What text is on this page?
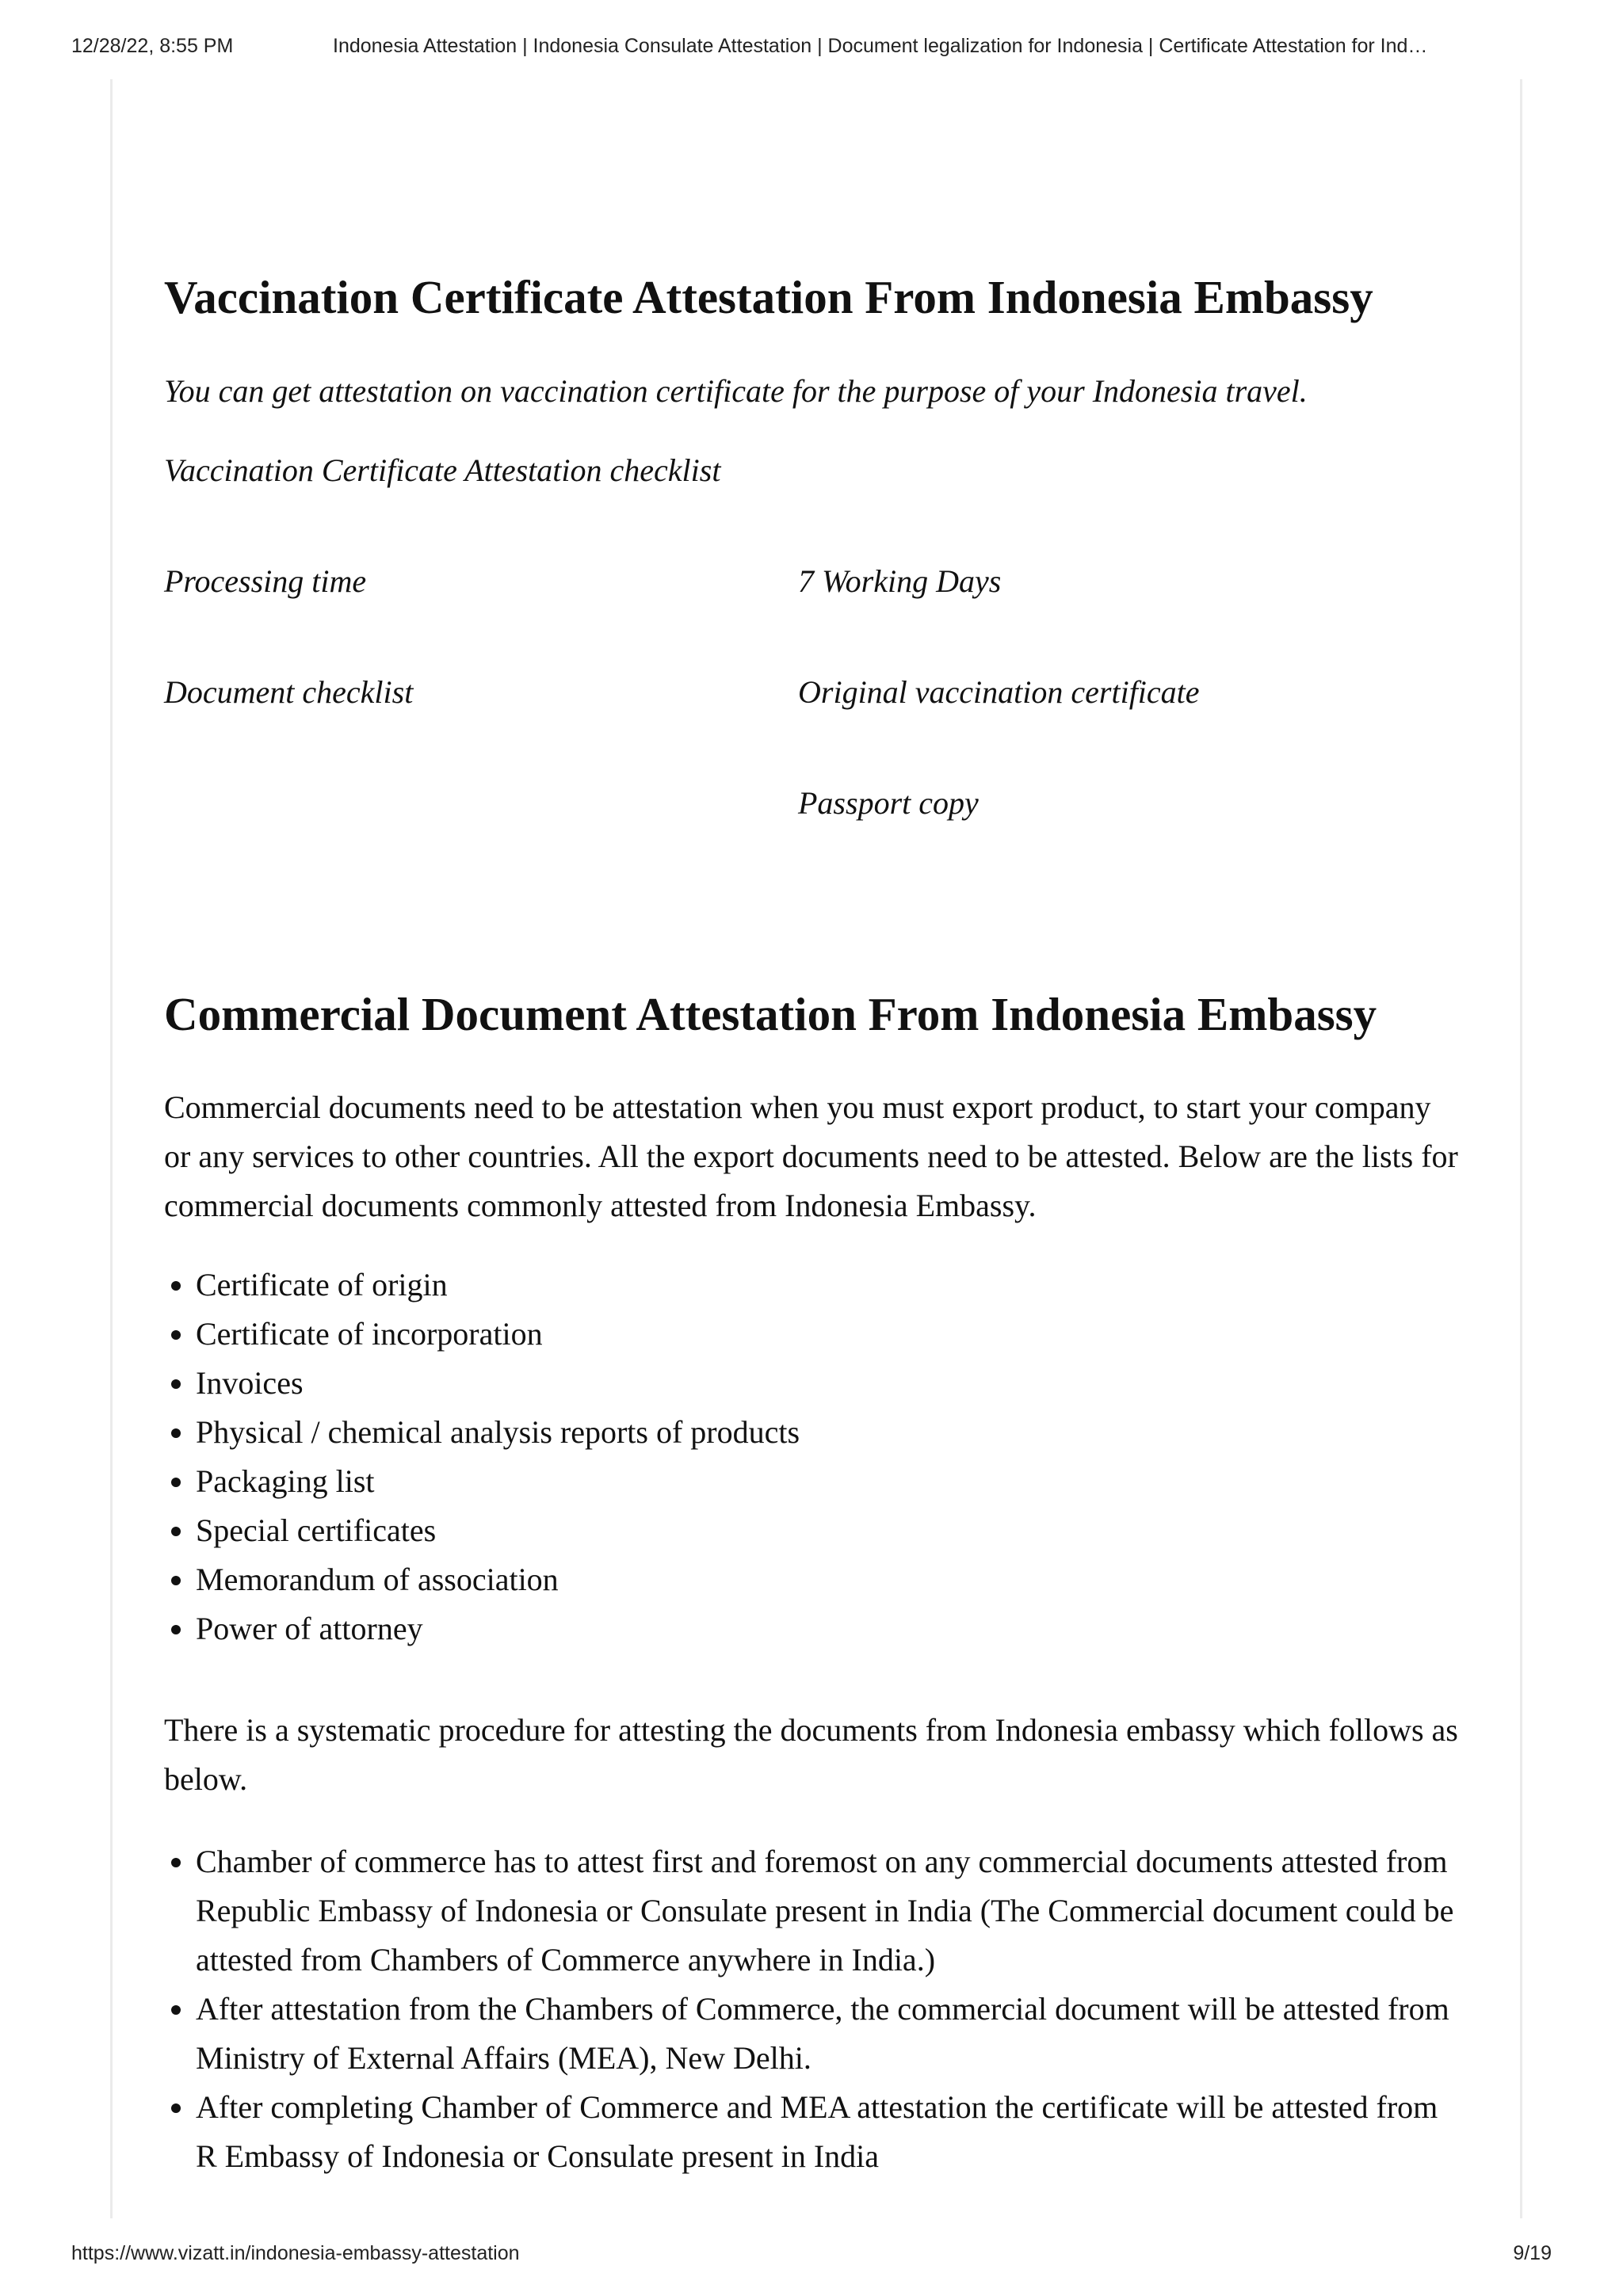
12/28/22, 8:55 PM	Indonesia Attestation | Indonesia Consulate Attestation | Document legalization for Indonesia | Certificate Attestation for Ind…
Vaccination Certificate Attestation From Indonesia Embassy
You can get attestation on vaccination certificate for the purpose of your Indonesia travel.
Vaccination Certificate Attestation checklist
Processing time	7 Working Days
Document checklist	Original vaccination certificate
Passport copy
Commercial Document Attestation From Indonesia Embassy

Commercial documents need to be attestation when you must export product, to start your company or any services to other countries. All the export documents need to be attested. Below are the lists for commercial documents commonly attested from Indonesia Embassy.

• Certificate of origin
• Certificate of incorporation
• Invoices
• Physical / chemical analysis reports of products
• Packaging list
• Special certificates
• Memorandum of association
• Power of attorney

There is a systematic procedure for attesting the documents from Indonesia embassy which follows as below.

• Chamber of commerce has to attest first and foremost on any commercial documents attested from Republic Embassy of Indonesia or Consulate present in India (The Commercial document could be attested from Chambers of Commerce anywhere in India.)
• After attestation from the Chambers of Commerce, the commercial document will be attested from Ministry of External Affairs (MEA), New Delhi.
• After completing Chamber of Commerce and MEA attestation the certificate will be attested from R Embassy of Indonesia or Consulate present in India
https://www.vizatt.in/indonesia-embassy-attestation	9/19
